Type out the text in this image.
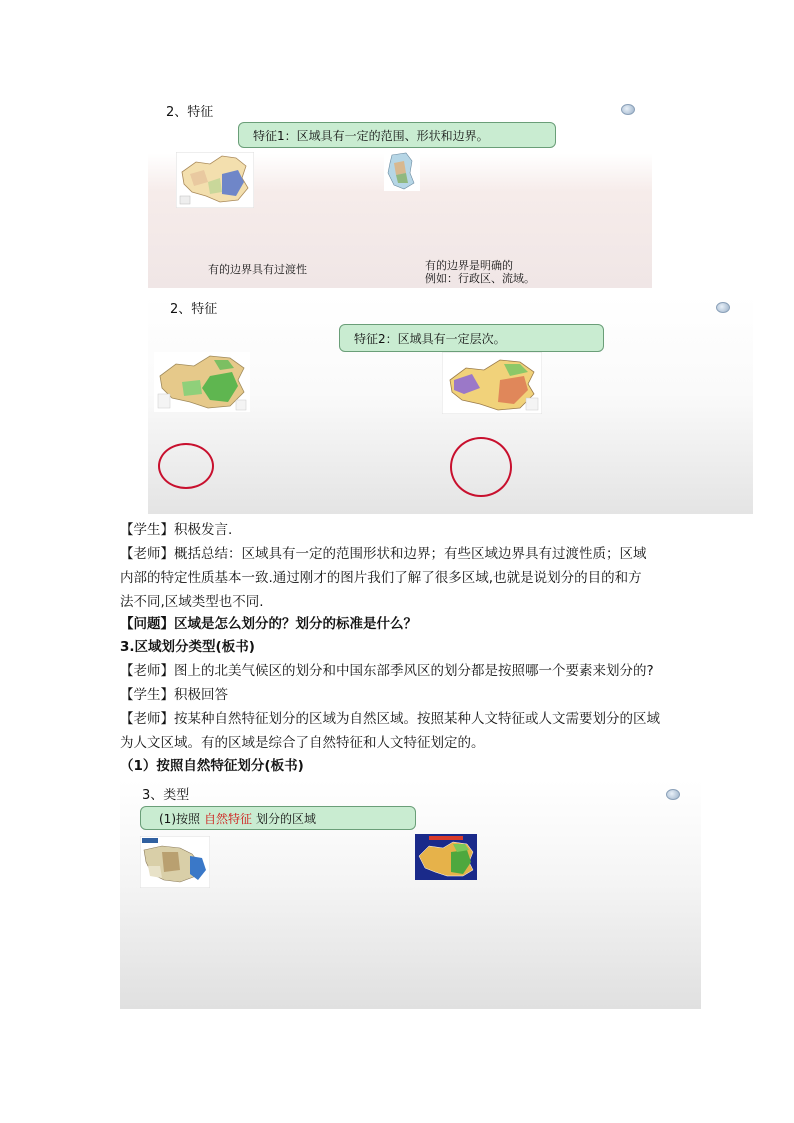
2、特征
特征1：区域具有一定的范围、形状和边界。
有的边界具有过渡性	有的边界是明确的
例如：行政区、流域。
2、特征
特征2：区域具有一定层次。
【学生】积极发言.
【老师】概括总结：区域具有一定的范围形状和边界；有些区域边界具有过渡性质；区域
内部的特定性质基本一致.通过刚才的图片我们了解了很多区域,也就是说划分的目的和方
法不同,区域类型也不同.
【问题】区域是怎么划分的？划分的标准是什么？
3.区域划分类型(板书)
【老师】图上的北美气候区的划分和中国东部季风区的划分都是按照哪一个要素来划分的?
【学生】积极回答
【老师】按某种自然特征划分的区域为自然区域。按照某种人文特征或人文需要划分的区域
为人文区域。有的区域是综合了自然特征和人文特征划定的。
（1）按照自然特征划分(板书)
3、类型
(1)按照 自然特征 划分的区域
